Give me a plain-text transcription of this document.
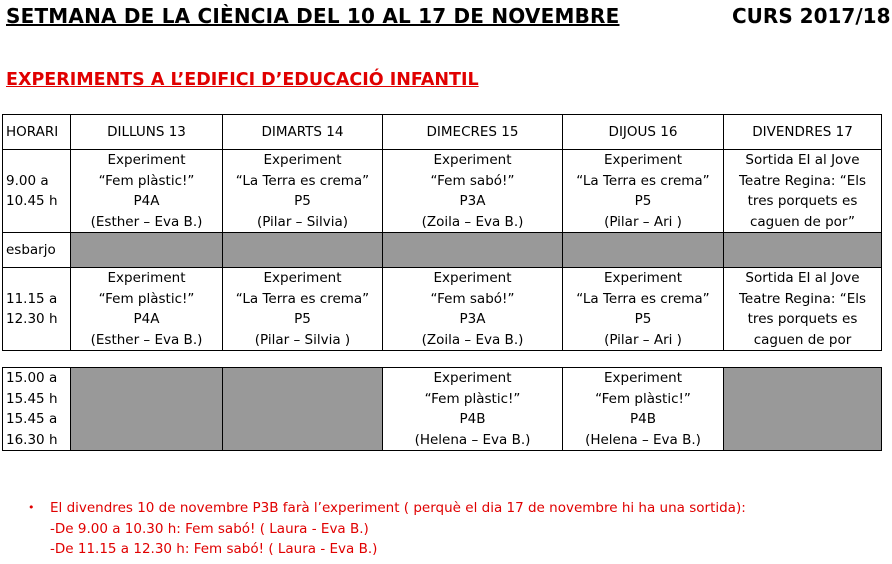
SETMANA DE LA CIÈNCIA DEL 10 AL 17 DE NOVEMBRE	CURS 2017/18
EXPERIMENTS A L’EDIFICI D’EDUCACIÓ INFANTIL
HORARI	DILLUNS 13	DIMARTS 14	DIMECRES 15	DIJOUS 16	DIVENDRES 17

9.00 a
10.45 h	Experiment
“Fem plàstic!”
P4A
(Esther – Eva B.)	Experiment
“La Terra es crema”
P5
(Pilar – Silvia)	Experiment
“Fem sabó!”
P3A
(Zoila – Eva B.)	Experiment
“La Terra es crema”
P5
(Pilar – Ari )	Sortida EI al Jove
Teatre Regina: “Els
tres porquets es
caguen de por”

esbarjo					

11.15 a
12.30 h	Experiment
“Fem plàstic!”
P4A
(Esther – Eva B.)	Experiment
“La Terra es crema”
P5
(Pilar – Silvia )	Experiment
“Fem sabó!”
P3A
(Zoila – Eva B.)	Experiment
“La Terra es crema”
P5
(Pilar – Ari )	Sortida EI al Jove
Teatre Regina: “Els
tres porquets es
caguen de por

15.00 a
15.45 h
15.45 a
16.30 h			Experiment
“Fem plàstic!”
P4B
(Helena – Eva B.)	Experiment
“Fem plàstic!”
P4B
(Helena – Eva B.)	

• El divendres 10 de novembre P3B farà l’experiment ( perquè el dia 17 de novembre hi ha una sortida):
-De 9.00 a 10.30 h: Fem sabó! ( Laura - Eva B.)
-De 11.15 a 12.30 h: Fem sabó! ( Laura - Eva B.)
